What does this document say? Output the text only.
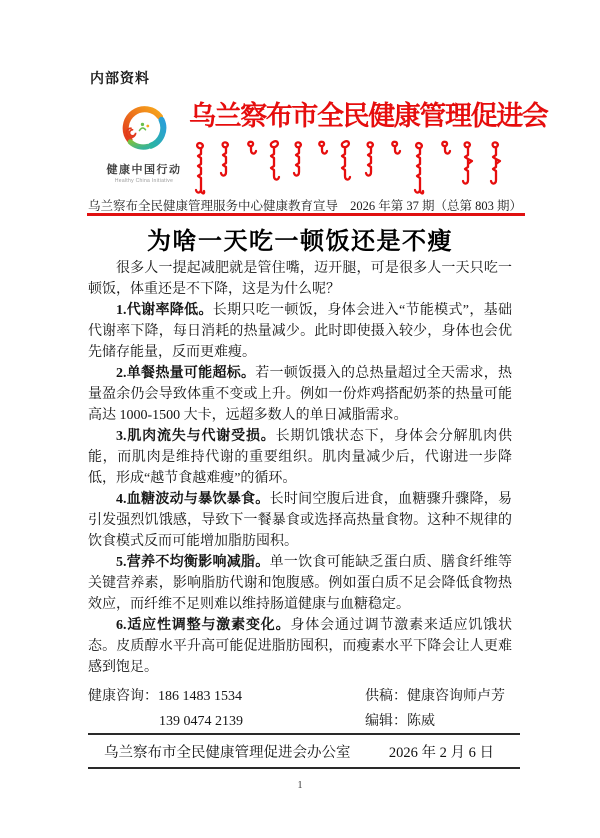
内部资料
健康中国行动
Healthy China Initiative
乌兰察布市全民健康管理促进会
乌兰察布全民健康管理服务中心健康教育宣导 2026 年第 37 期（总第 803 期）
为啥一天吃一顿饭还是不瘦

很多人一提起减肥就是管住嘴，迈开腿，可是很多人一天只吃一顿饭，体重还是不下降，这是为什么呢？

1.代谢率降低。长期只吃一顿饭，身体会进入“节能模式”，基础代谢率下降，每日消耗的热量减少。此时即使摄入较少，身体也会优先储存能量，反而更难瘦。

2.单餐热量可能超标。若一顿饭摄入的总热量超过全天需求，热量盈余仍会导致体重不变或上升。例如一份炸鸡搭配奶茶的热量可能高达 1000-1500 大卡，远超多数人的单日减脂需求。

3.肌肉流失与代谢受损。长期饥饿状态下，身体会分解肌肉供能，而肌肉是维持代谢的重要组织。肌肉量减少后，代谢进一步降低，形成“越节食越难瘦”的循环。

4.血糖波动与暴饮暴食。长时间空腹后进食，血糖骤升骤降，易引发强烈饥饿感，导致下一餐暴食或选择高热量食物。这种不规律的饮食模式反而可能增加脂肪囤积。

5.营养不均衡影响减脂。单一饮食可能缺乏蛋白质、膳食纤维等关键营养素，影响脂肪代谢和饱腹感。例如蛋白质不足会降低食物热效应，而纤维不足则难以维持肠道健康与血糖稳定。

6.适应性调整与激素变化。身体会通过调节激素来适应饥饿状态。皮质醇水平升高可能促进脂肪囤积，而瘦素水平下降会让人更难感到饱足。

健康咨询：186 1483 1534
139 0474 2139
供稿：健康咨询师卢芳
编辑：陈威
乌兰察布市全民健康管理促进会办公室	2026 年 2 月 6 日
1
